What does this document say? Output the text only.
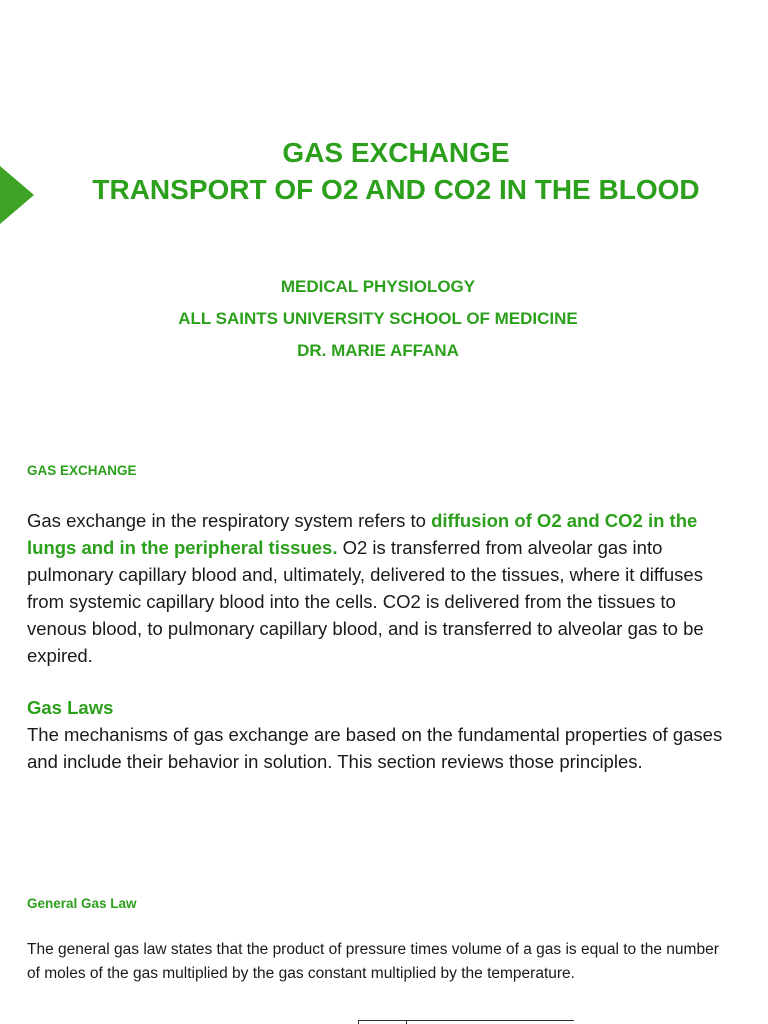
GAS EXCHANGE
TRANSPORT OF O2 AND CO2 IN THE BLOOD
MEDICAL PHYSIOLOGY
ALL SAINTS UNIVERSITY SCHOOL OF MEDICINE
DR. MARIE AFFANA
GAS EXCHANGE
Gas exchange in the respiratory system refers to diffusion of O2 and CO2 in the lungs and in the peripheral tissues. O2 is transferred from alveolar gas into pulmonary capillary blood and, ultimately, delivered to the tissues, where it diffuses from systemic capillary blood into the cells. CO2 is delivered from the tissues to venous blood, to pulmonary capillary blood, and is transferred to alveolar gas to be expired.
Gas Laws
The mechanisms of gas exchange are based on the fundamental properties of gases and include their behavior in solution. This section reviews those principles.
General Gas Law
The general gas law states that the product of pressure times volume of a gas is equal to the number of moles of the gas multiplied by the gas constant multiplied by the temperature.
